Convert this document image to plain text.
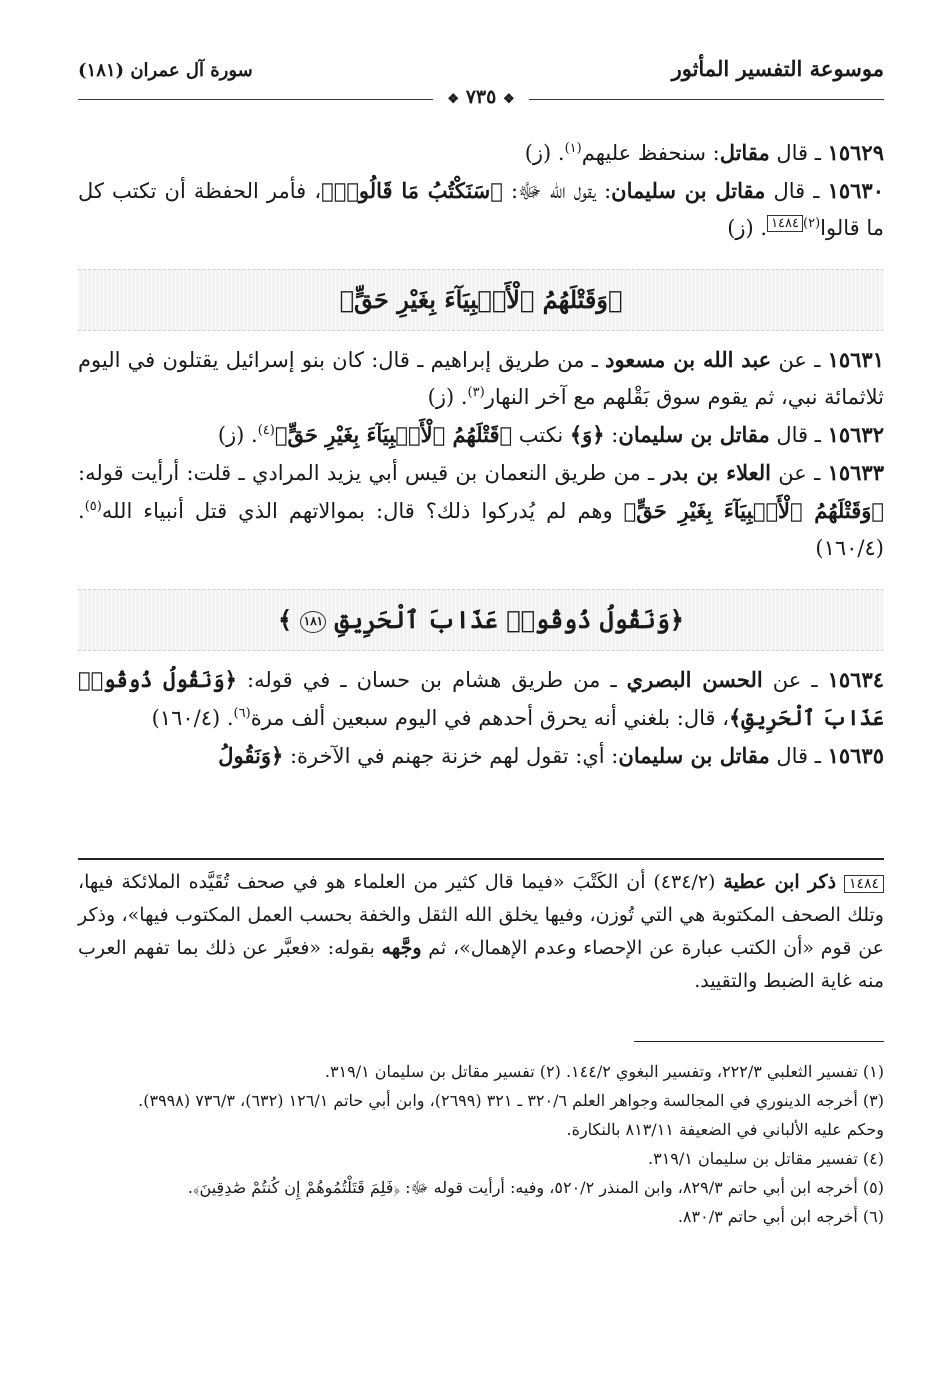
موسوعة التفسير المأثور
سورة آل عمران (١٨١)
❖ ٧٣٥ ❖

١٥٦٢٩ ـ قال مقاتل: سنحفظ عليهم$^{(١)}$. (ز)

١٥٦٣٠ ـ قال مقاتل بن سليمان: يقول الله ﷻ: ﴿سَنَكْتُبُ مَا قَالُوا۟﴾، فأمر الحفظة أن تكتب كل ما قالوا$^{(٢)}$١٤٨٤. (ز)

﴿وَقَتْلَهُمُ ٱلْأَنۢبِيَآءَ بِغَيْرِ حَقٍّ﴾

١٥٦٣١ ـ عن عبد الله بن مسعود ـ من طريق إبراهيم ـ قال: كان بنو إسرائيل يقتلون في اليوم ثلاثمائة نبي، ثم يقوم سوق بَقْلهم مع آخر النهار$^{(٣)}$. (ز)

١٥٦٣٢ ـ قال مقاتل بن سليمان: ﴿وَ﴾ نكتب ﴿قَتْلَهُمُ ٱلْأَنۢبِيَآءَ بِغَيْرِ حَقٍّ﴾$^{(٤)}$. (ز)

١٥٦٣٣ ـ عن العلاء بن بدر ـ من طريق النعمان بن قيس أبي يزيد المرادي ـ قلت: أرأيت قوله: ﴿وَقَتْلَهُمُ ٱلْأَنۢبِيَآءَ بِغَيْرِ حَقٍّ﴾ وهم لم يُدركوا ذلك؟ قال: بموالاتهم الذي قتل أنبياء الله$^{(٥)}$. (١٦٠/٤)

﴿وَنَقُولُ ذُوقُوا۟ عَذَابَ ٱلْحَرِيقِ ١٨١ ﴾

١٥٦٣٤ ـ عن الحسن البصري ـ من طريق هشام بن حسان ـ في قوله: ﴿وَنَقُولُ ذُوقُوا۟ عَذَابَ ٱلْحَرِيقِ﴾، قال: بلغني أنه يحرق أحدهم في اليوم سبعين ألف مرة$^{(٦)}$. (١٦٠/٤)

١٥٦٣٥ ـ قال مقاتل بن سليمان: أي: تقول لهم خزنة جهنم في الآخرة: ﴿وَنَقُولُ

١٤٨٤ ذكر ابن عطية (٤٣٤/٢) أن الكَتْبَ «فيما قال كثير من العلماء هو في صحف تُقَيَّده الملائكة فيها، وتلك الصحف المكتوبة هي التي تُوزن، وفيها يخلق الله الثقل والخفة بحسب العمل المكتوب فيها»، وذكر عن قوم «أن الكتب عبارة عن الإحصاء وعدم الإهمال»، ثم وجَّهه بقوله: «فعبَّر عن ذلك بما تفهم العرب منه غاية الضبط والتقييد.
(١) تفسير الثعلبي ٢٢٢/٣، وتفسير البغوي ١٤٤/٢. (٢) تفسير مقاتل بن سليمان ٣١٩/١.
(٣) أخرجه الدينوري في المجالسة وجواهر العلم ٣٢٠/٦ ـ ٣٢١ (٢٦٩٩)، وابن أبي حاتم ١٢٦/١ (٦٣٢)، ٧٣٦/٣ (٣٩٩٨).
وحكم عليه الألباني في الضعيفة ٨١٣/١١ بالنكارة.
(٤) تفسير مقاتل بن سليمان ٣١٩/١.
(٥) أخرجه ابن أبي حاتم ٨٢٩/٣، وابن المنذر ٥٢٠/٢، وفيه: أرأيت قوله ﷻ: ﴿فَلِمَ قَتَلْتُمُوهُمْ إِن كُنتُمْ صَٰدِقِينَ﴾.
(٦) أخرجه ابن أبي حاتم ٨٣٠/٣.
